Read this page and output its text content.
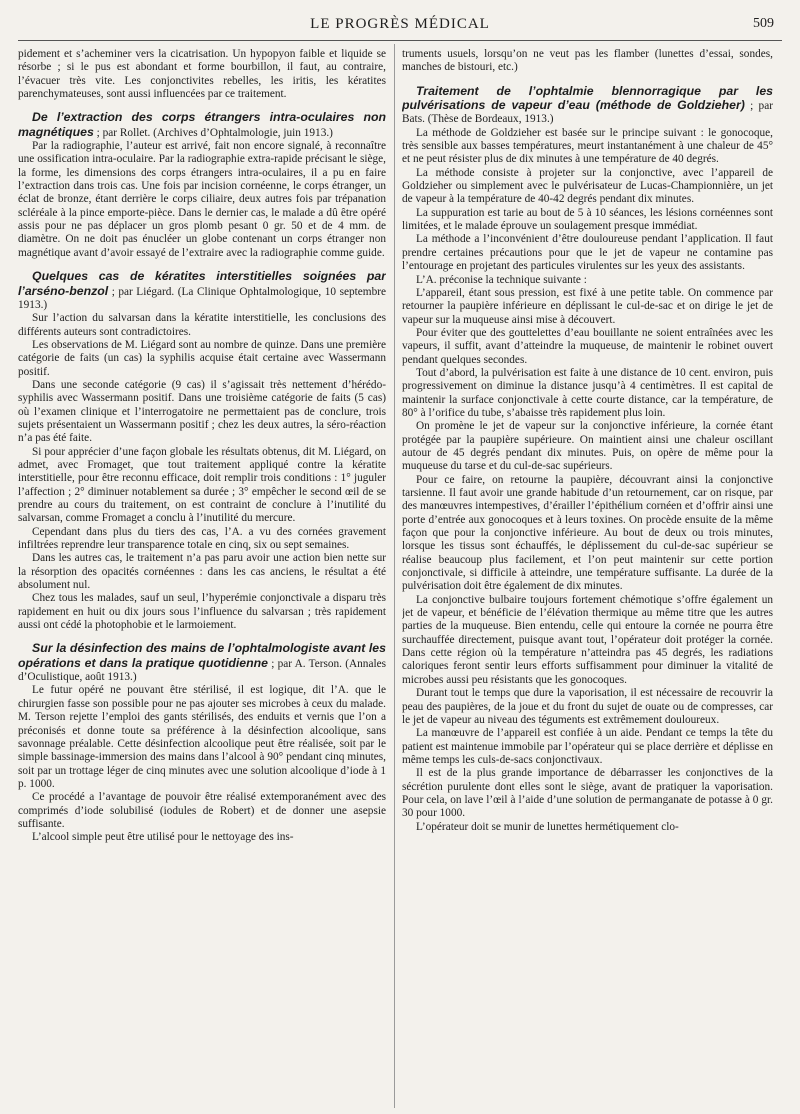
LE PROGRÈS MÉDICAL	509

pidement et s’acheminer vers la cicatrisation. Un hypopyon faible et liquide se résorbe ; si le pus est abondant et forme bourbillon, il faut, au contraire, l’évacuer très vite. Les conjonctivites rebelles, les iritis, les kératites parenchymateuses, sont aussi influencées par ce traitement.

De l’extraction des corps étrangers intra-oculaires non magnétiques ; par Rollet. (Archives d’Ophtalmologie, juin 1913.)

Par la radiographie, l’auteur est arrivé, fait non encore signalé, à reconnaître une ossification intra-oculaire. Par la radiographie extra-rapide précisant le siège, la forme, les dimensions des corps étrangers intra-oculaires, il a pu en faire l’extraction dans trois cas. Une fois par incision cornéenne, le corps étranger, un éclat de bronze, étant derrière le corps ciliaire, deux autres fois par trépanation scléréale à la pince emporte-pièce. Dans le dernier cas, le malade a dû être opéré assis pour ne pas déplacer un gros plomb pesant 0 gr. 50 et de 4 mm. de diamètre. On ne doit pas énucléer un globe contenant un corps étranger non magnétique avant d’avoir essayé de l’extraire avec la radiographie comme guide.

Quelques cas de kératites interstitielles soignées par l’arséno-benzol ; par Liégard. (La Clinique Ophtalmologique, 10 septembre 1913.)

Sur l’action du salvarsan dans la kératite interstitielle, les conclusions des différents auteurs sont contradictoires.

Les observations de M. Liégard sont au nombre de quinze. Dans une première catégorie de faits (un cas) la syphilis acquise était certaine avec Wassermann positif.

Dans une seconde catégorie (9 cas) il s’agissait très nettement d’hérédo-syphilis avec Wassermann positif. Dans une troisième catégorie de faits (5 cas) où l’examen clinique et l’interrogatoire ne permettaient pas de conclure, trois sujets présentaient un Wassermann positif ; chez les deux autres, la séro-réaction n’a pas été faite.

Si pour apprécier d’une façon globale les résultats obtenus, dit M. Liégard, on admet, avec Fromaget, que tout traitement appliqué contre la kératite interstitielle, pour être reconnu efficace, doit remplir trois conditions : 1° juguler l’affection ; 2° diminuer notablement sa durée ; 3° empêcher le second œil de se prendre au cours du traitement, on est contraint de conclure à l’inutilité du salvarsan, comme Fromaget a conclu à l’inutilité du mercure.

Cependant dans plus du tiers des cas, l’A. a vu des cornées gravement infiltrées reprendre leur transparence totale en cinq, six ou sept semaines.

Dans les autres cas, le traitement n’a pas paru avoir une action bien nette sur la résorption des opacités cornéennes : dans les cas anciens, le résultat a été absolument nul.

Chez tous les malades, sauf un seul, l’hyperémie conjonctivale a disparu très rapidement en huit ou dix jours sous l’influence du salvarsan ; très rapidement aussi ont cédé la photophobie et le larmoiement.

Sur la désinfection des mains de l’ophtalmologiste avant les opérations et dans la pratique quotidienne ; par A. Terson. (Annales d’Oculistique, août 1913.)

Le futur opéré ne pouvant être stérilisé, il est logique, dit l’A. que le chirurgien fasse son possible pour ne pas ajouter ses microbes à ceux du malade. M. Terson rejette l’emploi des gants stérilisés, des enduits et vernis que l’on a préconisés et donne toute sa préférence à la désinfection alcoolique, sans savonnage préalable. Cette désinfection alcoolique peut être réalisée, soit par le simple bassinage-immersion des mains dans l’alcool à 90° pendant cinq minutes, soit par un trottage léger de cinq minutes avec une solution alcoolique d’iode à 1 p. 1000.

Ce procédé a l’avantage de pouvoir être réalisé extemporanément avec des comprimés d’iode solubilisé (iodules de Robert) et de donner une asepsie suffisante.

L’alcool simple peut être utilisé pour le nettoyage des ins-

truments usuels, lorsqu’on ne veut pas les flamber (lunettes d’essai, sondes, manches de bistouri, etc.)

Traitement de l’ophtalmie blennorragique par les pulvérisations de vapeur d’eau (méthode de Goldzieher) ; par Bats. (Thèse de Bordeaux, 1913.)

La méthode de Goldzieher est basée sur le principe suivant : le gonocoque, très sensible aux basses températures, meurt instantanément à une chaleur de 45° et ne peut résister plus de dix minutes à une température de 40 degrés.

La méthode consiste à projeter sur la conjonctive, avec l’appareil de Goldzieher ou simplement avec le pulvérisateur de Lucas-Championnière, un jet de vapeur à la température de 40-42 degrés pendant dix minutes.

La suppuration est tarie au bout de 5 à 10 séances, les lésions cornéennes sont limitées, et le malade éprouve un soulagement presque immédiat.

La méthode a l’inconvénient d’être douloureuse pendant l’application. Il faut prendre certaines précautions pour que le jet de vapeur ne contamine pas l’entourage en projetant des particules virulentes sur les yeux des assistants.

L’A. préconise la technique suivante :

L’appareil, étant sous pression, est fixé à une petite table. On commence par retourner la paupière inférieure en déplissant le cul-de-sac et on dirige le jet de vapeur sur la muqueuse ainsi mise à découvert.

Pour éviter que des gouttelettes d’eau bouillante ne soient entraînées avec les vapeurs, il suffit, avant d’atteindre la muqueuse, de maintenir le robinet ouvert pendant quelques secondes.

Tout d’abord, la pulvérisation est faite à une distance de 10 cent. environ, puis progressivement on diminue la distance jusqu’à 4 centimètres. Il est capital de maintenir la surface conjonctivale à cette courte distance, car la température, de 80° à l’orifice du tube, s’abaisse très rapidement plus loin.

On promène le jet de vapeur sur la conjonctive inférieure, la cornée étant protégée par la paupière supérieure. On maintient ainsi une chaleur oscillant autour de 45 degrés pendant dix minutes. Puis, on opère de même pour la muqueuse du tarse et du cul-de-sac supérieurs.

Pour ce faire, on retourne la paupière, découvrant ainsi la conjonctive tarsienne. Il faut avoir une grande habitude d’un retournement, car on risque, par des manœuvres intempestives, d’érailler l’épithélium cornéen et d’offrir ainsi une porte d’entrée aux gonocoques et à leurs toxines. On procède ensuite de la même façon que pour la conjonctive inférieure. Au bout de deux ou trois minutes, lorsque les tissus sont échauffés, le déplissement du cul-de-sac supérieur se réalise beaucoup plus facilement, et l’on peut maintenir sur cette portion conjonctivale, si difficile à atteindre, une température suffisante. La durée de la pulvérisation doit être également de dix minutes.

La conjonctive bulbaire toujours fortement chémotique s’offre également un jet de vapeur, et bénéficie de l’élévation thermique au même titre que les autres parties de la muqueuse. Bien entendu, celle qui entoure la cornée ne pourra être surchauffée directement, puisque avant tout, l’opérateur doit protéger la cornée. Dans cette région où la température n’atteindra pas 45 degrés, les radiations caloriques feront sentir leurs efforts suffisamment pour diminuer la vitalité de microbes aussi peu résistants que les gonocoques.

Durant tout le temps que dure la vaporisation, il est nécessaire de recouvrir la peau des paupières, de la joue et du front du sujet de ouate ou de compresses, car le jet de vapeur au niveau des téguments est extrêmement douloureux.

La manœuvre de l’appareil est confiée à un aide. Pendant ce temps la tête du patient est maintenue immobile par l’opérateur qui se place derrière et déplisse en même temps les culs-de-sacs conjonctivaux.

Il est de la plus grande importance de débarrasser les conjonctives de la sécrétion purulente dont elles sont le siège, avant de pratiquer la vaporisation. Pour cela, on lave l’œil à l’aide d’une solution de permanganate de potasse à 0 gr. 30 pour 1000.

L’opérateur doit se munir de lunettes hermétiquement clo-
